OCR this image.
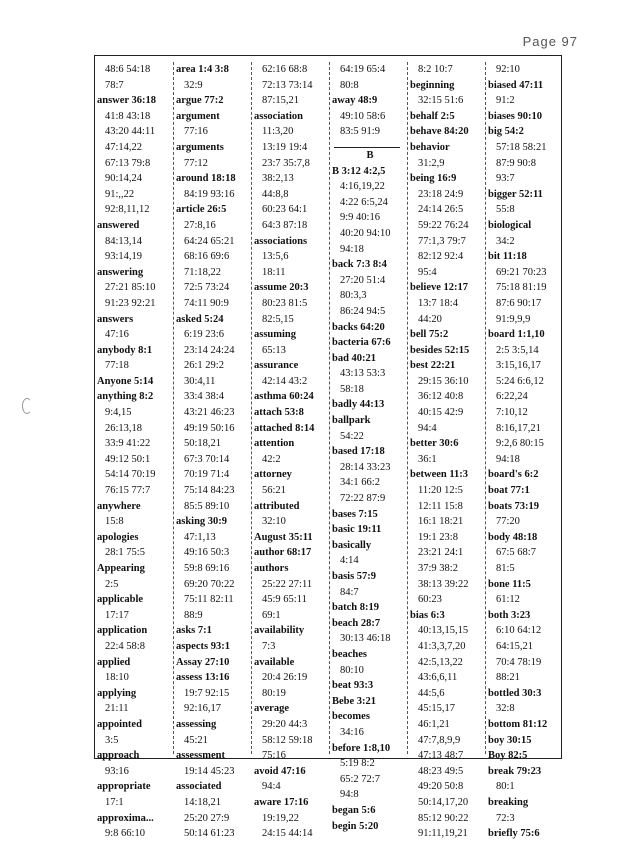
Page 97
48:6 54:18
78:7
answer 36:18
41:8 43:18
43:20 44:11
47:14,22
67:13 79:8
90:14,24
91:,,22
92:8,11,12
answered
84:13,14
93:14,19
answering
27:21 85:10
91:23 92:21
answers
47:16
anybody 8:1
77:18
Anyone 5:14
anything 8:2
9:4,15
26:13,18
33:9 41:22
49:12 50:1
54:14 70:19
76:15 77:7
anywhere
15:8
apologies
28:1 75:5
Appearing
2:5
applicable
17:17
application
22:4 58:8
applied
18:10
applying
21:11
appointed
3:5
approach
93:16
appropriate
17:1
approxima...
9:8 66:10
area 1:4 3:8
32:9
argue 77:2
argument
77:16
arguments
77:12
around 18:18
84:19 93:16
article 26:5
27:8,16
64:24 65:21
68:16 69:6
71:18,22
72:5 73:24
74:11 90:9
asked 5:24
6:19 23:6
23:14 24:24
26:1 29:2
30:4,11
33:4 38:4
43:21 46:23
49:19 50:16
50:18,21
67:3 70:14
70:19 71:4
75:14 84:23
85:5 89:10
asking 30:9
47:1,13
49:16 50:3
59:8 69:16
69:20 70:22
75:11 82:11
88:9
asks 7:1
aspects 93:1
Assay 27:10
assess 13:16
19:7 92:15
92:16,17
assessing
45:21
assessment
19:14 45:23
associated
14:18,21
25:20 27:9
50:14 61:23
62:16 68:8
72:13 73:14
87:15,21
association
11:3,20
13:19 19:4
23:7 35:7,8
38:2,13
44:8,8
60:23 64:1
64:3 87:18
associations
13:5,6
18:11
assume 20:3
80:23 81:5
82:5,15
assuming
65:13
assurance
42:14 43:2
asthma 60:24
attach 53:8
attached 8:14
attention
42:2
attorney
56:21
attributed
32:10
August 35:11
author 68:17
authors
25:22 27:11
45:9 65:11
69:1
availability
7:3
available
20:4 26:19
80:19
average
29:20 44:3
58:12 59:18
75:16
avoid 47:16
94:4
aware 17:16
19:19,22
24:15 44:14
64:19 65:4
80:8
away 48:9
49:10 58:6
83:5 91:9
B
B 3:12 4:2,5
4:16,19,22
4:22 6:5,24
9:9 40:16
40:20 94:10
94:18
back 7:3 8:4
27:20 51:4
80:3,3
86:24 94:5
backs 64:20
bacteria 67:6
bad 40:21
43:13 53:3
58:18
badly 44:13
ballpark
54:22
based 17:18
28:14 33:23
34:1 66:2
72:22 87:9
bases 7:15
basic 19:11
basically
4:14
basis 57:9
84:7
batch 8:19
beach 28:7
30:13 46:18
beaches
80:10
beat 93:3
Bebe 3:21
becomes
34:16
before 1:8,10
5:19 8:2
65:2 72:7
94:8
began 5:6
begin 5:20
8:2 10:7
beginning
32:15 51:6
behalf 2:5
behave 84:20
behavior
31:2,9
being 16:9
23:18 24:9
24:14 26:5
59:22 76:24
77:1,3 79:7
82:12 92:4
95:4
believe 12:17
13:7 18:4
44:20
bell 75:2
besides 52:15
best 22:21
29:15 36:10
36:12 40:8
40:15 42:9
94:4
better 30:6
36:1
between 11:3
11:20 12:5
12:11 15:8
16:1 18:21
19:1 23:8
23:21 24:1
37:9 38:2
38:13 39:22
60:23
bias 6:3
40:13,15,15
41:3,3,7,20
42:5,13,22
43:6,6,11
44:5,6
45:15,17
46:1,21
47:7,8,9,9
47:13 48:7
48:23 49:5
49:20 50:8
50:14,17,20
85:12 90:22
91:11,19,21
92:10
biased 47:11
91:2
biases 90:10
big 54:2
57:18 58:21
87:9 90:8
93:7
bigger 52:11
55:8
biological
34:2
bit 11:18
69:21 70:23
75:18 81:19
87:6 90:17
91:9,9,9
board 1:1,10
2:5 3:5,14
3:15,16,17
5:24 6:6,12
6:22,24
7:10,12
8:16,17,21
9:2,6 80:15
94:18
board's 6:2
boat 77:1
boats 73:19
77:20
body 48:18
67:5 68:7
81:5
bone 11:5
61:12
both 3:23
6:10 64:12
64:15,21
70:4 78:19
88:21
bottled 30:3
32:8
bottom 81:12
boy 30:15
Boy 82:5
break 79:23
80:1
breaking
72:3
briefly 75:6
